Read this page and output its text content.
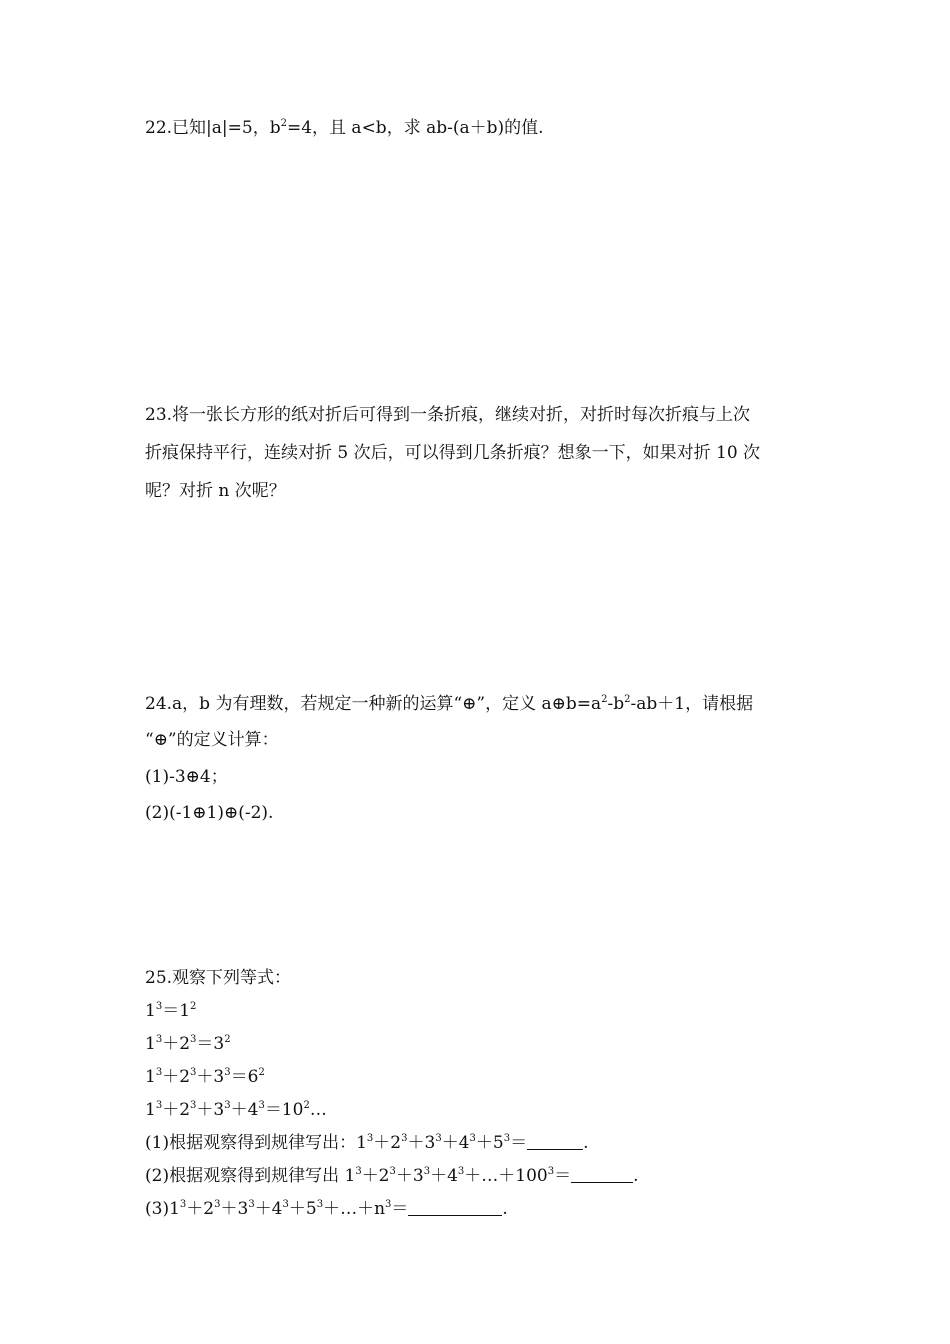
22.已知|a|=5，$b^2=4$，且 a<b，求 ab-(a＋b)的值.
23.将一张长方形的纸对折后可得到一条折痕，继续对折，对折时每次折痕与上次
折痕保持平行，连续对折 5 次后，可以得到几条折痕？想象一下，如果对折 10 次
呢？对折 n 次呢？
24.a，b 为有理数，若规定一种新的运算“⊕”，定义 $a\oplus b=a^2-b^2-ab+1$，请根据
“⊕”的定义计算：
(1)-3⊕4；
(2)(-1⊕1)⊕(-2).
25.观察下列等式：
$1^3=1^2$
$1^3+2^3=3^2$
$1^3+2^3+3^3=6^2$
$1^3+2^3+3^3+4^3=10^2\dots$
(1)根据观察得到规律写出：$1^3+2^3+3^3+4^3+5^3=$	.
(2)根据观察得到规律写出 $1^3+2^3+3^3+4^3+\dots+100^3=$	.
$(3)1^3+2^3+3^3+4^3+5^3+\dots+n^3=$	.
